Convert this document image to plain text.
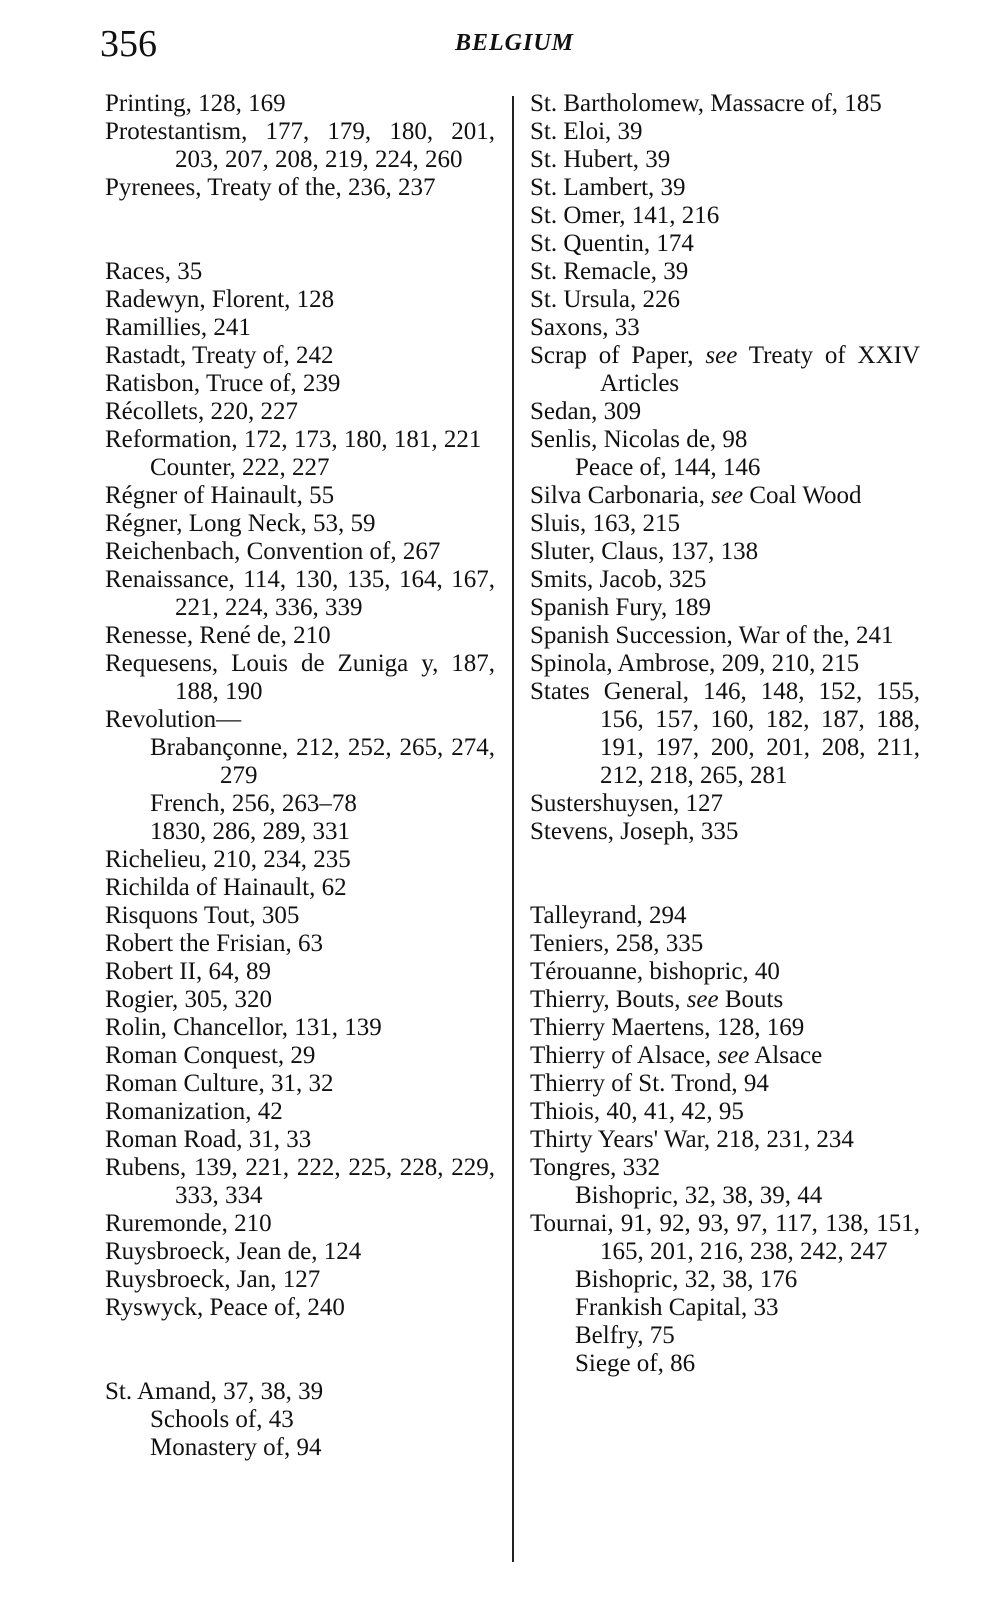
356	BELGIUM
Printing, 128, 169
Protestantism, 177, 179, 180, 201, 203, 207, 208, 219, 224, 260
Pyrenees, Treaty of the, 236, 237
Races, 35
Radewyn, Florent, 128
Ramillies, 241
Rastadt, Treaty of, 242
Ratisbon, Truce of, 239
Récollets, 220, 227
Reformation, 172, 173, 180, 181, 221
Counter, 222, 227
Régner of Hainault, 55
Régner, Long Neck, 53, 59
Reichenbach, Convention of, 267
Renaissance, 114, 130, 135, 164, 167, 221, 224, 336, 339
Renesse, René de, 210
Requesens, Louis de Zuniga y, 187, 188, 190
Revolution—
Brabançonne, 212, 252, 265, 274, 279
French, 256, 263–78
1830, 286, 289, 331
Richelieu, 210, 234, 235
Richilda of Hainault, 62
Risquons Tout, 305
Robert the Frisian, 63
Robert II, 64, 89
Rogier, 305, 320
Rolin, Chancellor, 131, 139
Roman Conquest, 29
Roman Culture, 31, 32
Romanization, 42
Roman Road, 31, 33
Rubens, 139, 221, 222, 225, 228, 229, 333, 334
Ruremonde, 210
Ruysbroeck, Jean de, 124
Ruysbroeck, Jan, 127
Ryswyck, Peace of, 240
St. Amand, 37, 38, 39
Schools of, 43
Monastery of, 94
St. Bartholomew, Massacre of, 185
St. Eloi, 39
St. Hubert, 39
St. Lambert, 39
St. Omer, 141, 216
St. Quentin, 174
St. Remacle, 39
St. Ursula, 226
Saxons, 33
Scrap of Paper, see Treaty of XXIV Articles
Sedan, 309
Senlis, Nicolas de, 98
Peace of, 144, 146
Silva Carbonaria, see Coal Wood
Sluis, 163, 215
Sluter, Claus, 137, 138
Smits, Jacob, 325
Spanish Fury, 189
Spanish Succession, War of the, 241
Spinola, Ambrose, 209, 210, 215
States General, 146, 148, 152, 155, 156, 157, 160, 182, 187, 188, 191, 197, 200, 201, 208, 211, 212, 218, 265, 281
Sustershuysen, 127
Stevens, Joseph, 335
Talleyrand, 294
Teniers, 258, 335
Térouanne, bishopric, 40
Thierry, Bouts, see Bouts
Thierry Maertens, 128, 169
Thierry of Alsace, see Alsace
Thierry of St. Trond, 94
Thiois, 40, 41, 42, 95
Thirty Years' War, 218, 231, 234
Tongres, 332
Bishopric, 32, 38, 39, 44
Tournai, 91, 92, 93, 97, 117, 138, 151, 165, 201, 216, 238, 242, 247
Bishopric, 32, 38, 176
Frankish Capital, 33
Belfry, 75
Siege of, 86
